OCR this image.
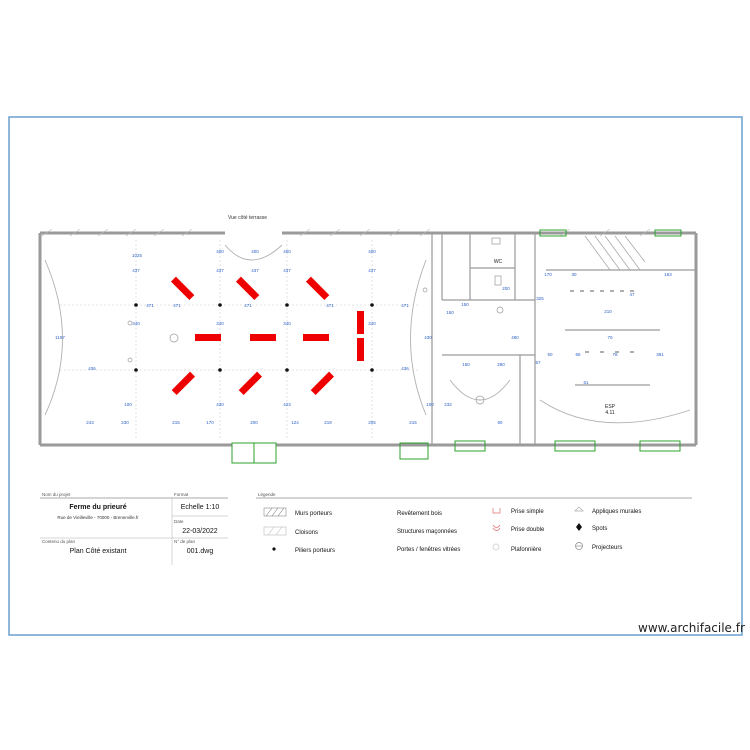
Vue côté terrasse
WC
ESP
4.11
1025
400	400	400
400
437	437	437	437
437
471	471	471	471	471
340	340	340	340
1197
436
430
436
243	230	215	170	200	124	219	205	215
100	430	423
150
150
200
150	280
480	70
170
361
210
325
163
100 232
90
57
50	65	76
47
30
61
Nom du projet
Ferme du prieuré
Rue de Vieilleville - 70000 - Brenerville.fr
Format
Echelle 1:10
Date
22-03/2022
Contenu du plan
Plan Côté existant
N° de plan
001.dwg
Légende
Murs porteurs
Cloisons
Piliers porteurs
Revêtement bois
Structures maçonnées
Portes / fenêtres vitrées
Prise simple
Prise double
Plafonnière
Appliques murales
Spots
Projecteurs
www.archifacile.fr
